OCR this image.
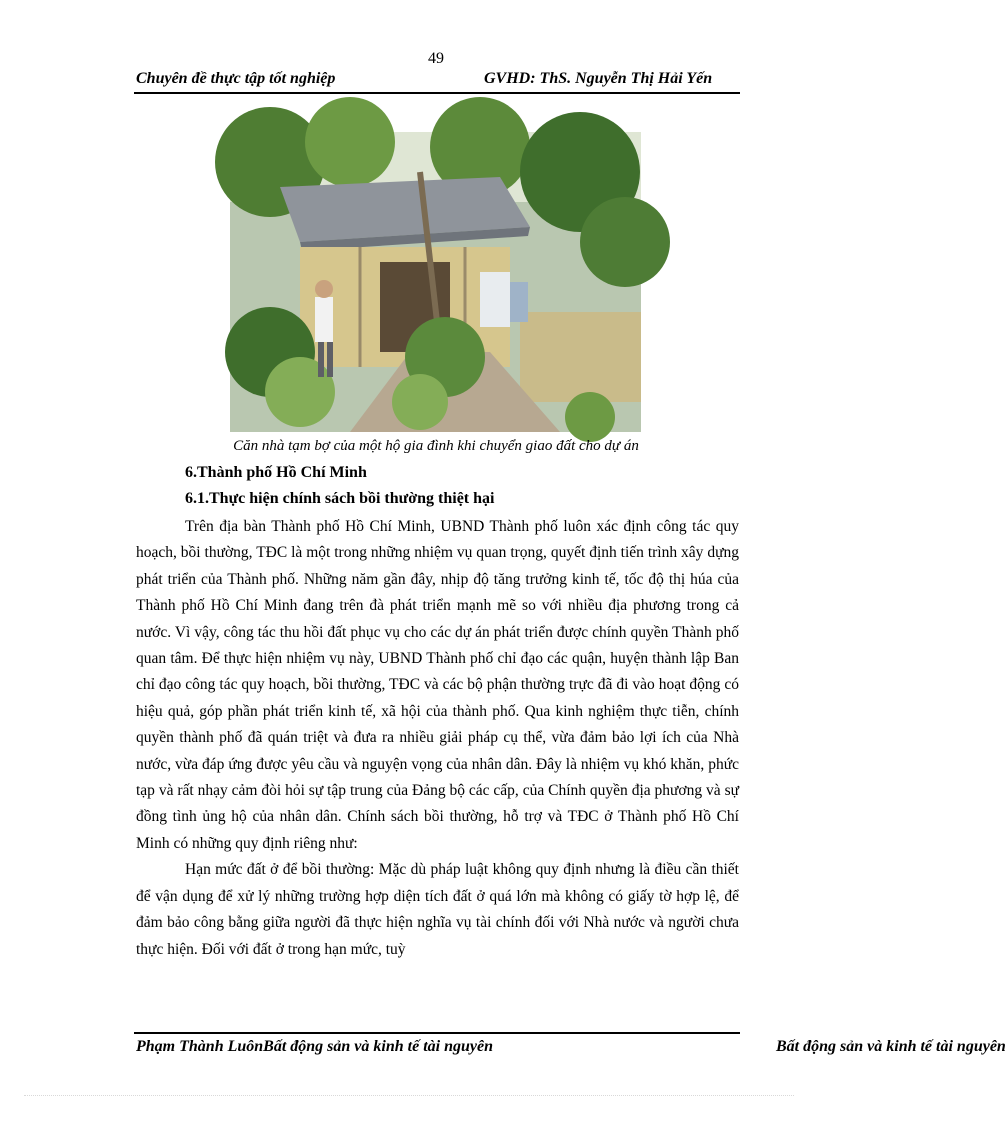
49
Chuyên đề thực tập tốt nghiệp	GVHD: ThS. Nguyễn Thị Hải Yến
Căn nhà tạm bợ của một hộ gia đình khi chuyển giao đất cho dự án
6.Thành phố Hồ Chí Minh
6.1.Thực hiện chính sách bồi thường thiệt hại

Trên địa bàn Thành phố Hồ Chí Minh, UBND Thành phố luôn xác định công tác quy hoạch, bồi thường, TĐC là một trong những nhiệm vụ quan trọng, quyết định tiến trình xây dựng phát triển của Thành phố. Những năm gần đây, nhịp độ tăng trưởng kinh tế, tốc độ thị húa của Thành phố Hồ Chí Minh đang trên đà phát triển mạnh mẽ so với nhiều địa phương trong cả nước. Vì vậy, công tác thu hồi đất phục vụ cho các dự án phát triển được chính quyền Thành phố quan tâm. Để thực hiện nhiệm vụ này, UBND Thành phố chỉ đạo các quận, huyện thành lập Ban chỉ đạo công tác quy hoạch, bồi thường, TĐC và các bộ phận thường trực đã đi vào hoạt động có hiệu quả, góp phần phát triển kinh tế, xã hội của thành phố. Qua kinh nghiệm thực tiễn, chính quyền thành phố đã quán triệt và đưa ra nhiều giải pháp cụ thể, vừa đảm bảo lợi ích của Nhà nước, vừa đáp ứng được yêu cầu và nguyện vọng của nhân dân. Đây là nhiệm vụ khó khăn, phức tạp và rất nhạy cảm đòi hỏi sự tập trung của Đảng bộ các cấp, của Chính quyền địa phương và sự đồng tình ủng hộ của nhân dân. Chính sách bồi thường, hỗ trợ và TĐC ở Thành phố Hồ Chí Minh có những quy định riêng như:

Hạn mức đất ở để bồi thường: Mặc dù pháp luật không quy định nhưng là điều cần thiết để vận dụng để xử lý những trường hợp diện tích đất ở quá lớn mà không có giấy tờ hợp lệ, để đảm bảo công bằng giữa người đã thực hiện nghĩa vụ tài chính đối với Nhà nước và người chưa thực hiện. Đối với đất ở trong hạn mức, tuỳ

Phạm Thành LuônBất động sản và kinh tế tài nguyên	Bất động sản và kinh tế tài nguyên
